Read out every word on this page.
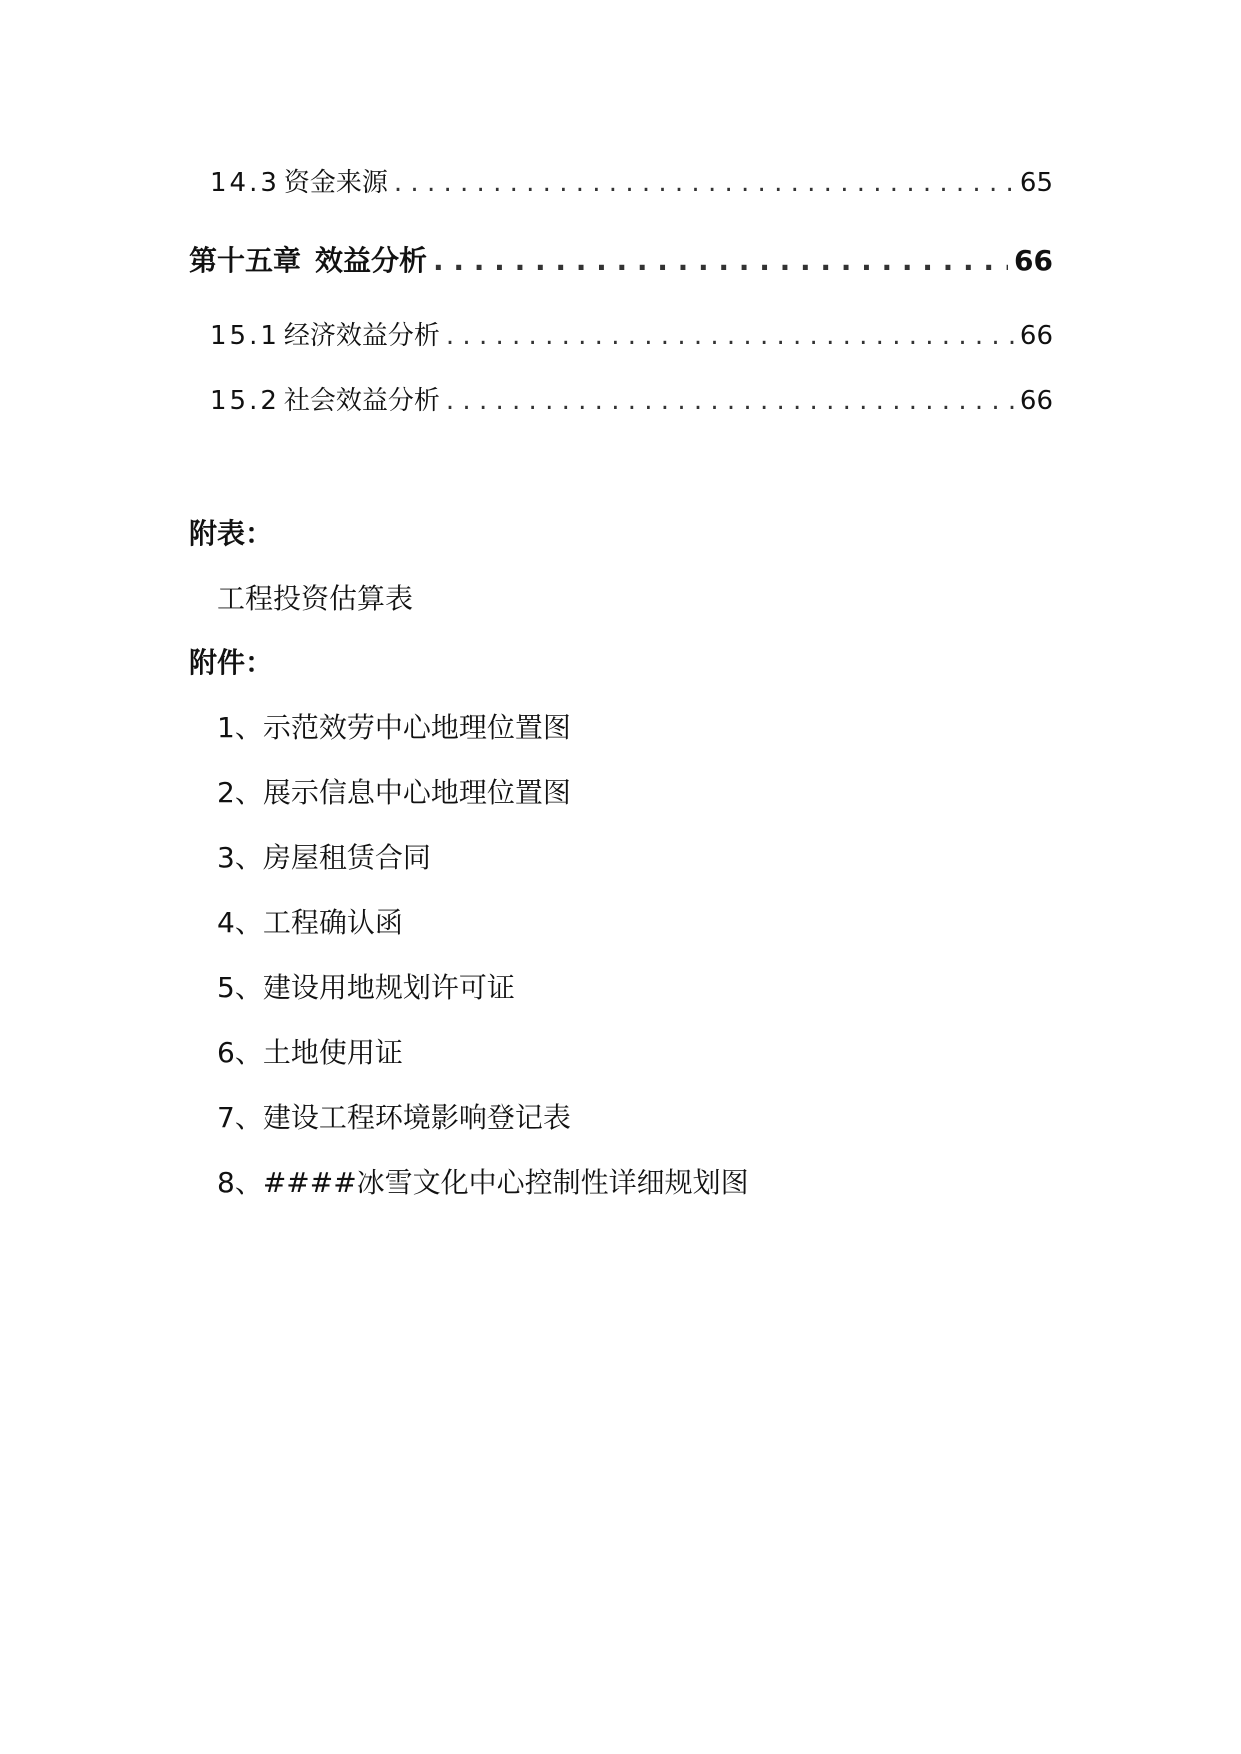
14.3 资金来源 . . .	65
第十五章 效益分析 . . .	66
15.1 经济效益分析 . . .	66
15.2 社会效益分析 . . .	66
附表：
工程投资估算表
附件：
1、示范效劳中心地理位置图
2、展示信息中心地理位置图
3、房屋租赁合同
4、工程确认函
5、建设用地规划许可证
6、土地使用证
7、建设工程环境影响登记表
8、####冰雪文化中心控制性详细规划图
